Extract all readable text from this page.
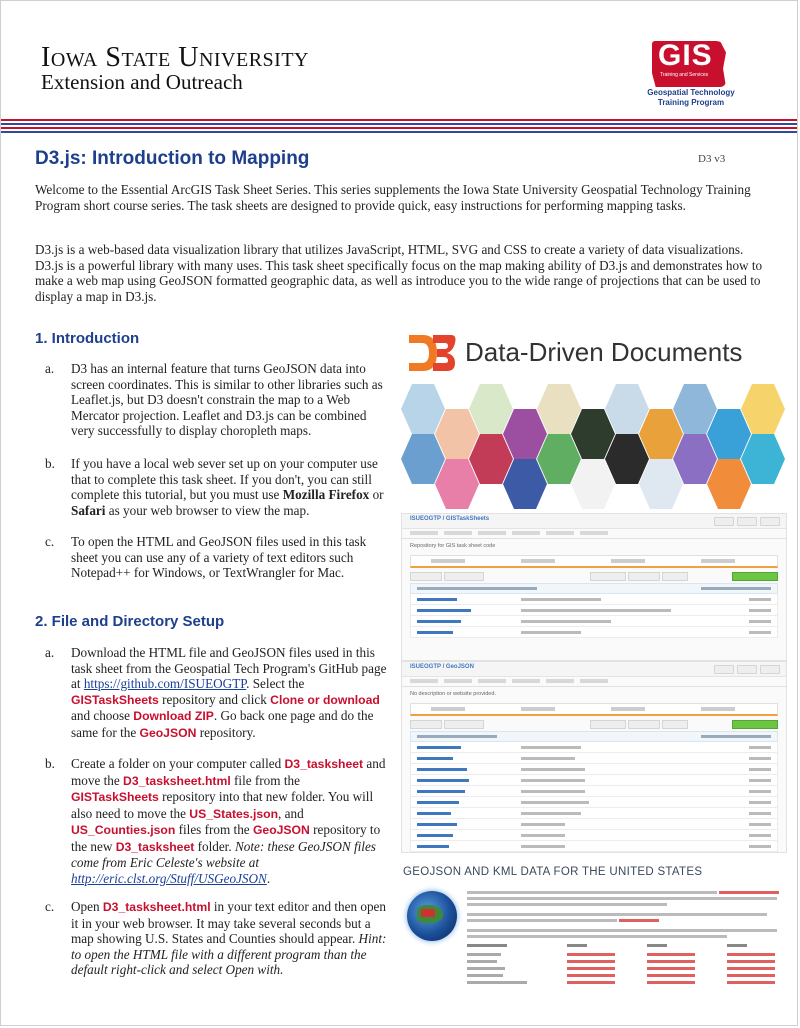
Iowa State University
Extension and Outreach
GIS
Training and Services
Geospatial Technology
Training Program
D3.js: Introduction to Mapping	D3 v3
Welcome to the Essential ArcGIS Task Sheet Series. This series supplements the Iowa State University Geospatial Technology Training Program short course series. The task sheets are designed to provide quick, easy instructions for performing mapping tasks.
D3.js is a web-based data visualization library that utilizes JavaScript, HTML, SVG and CSS to create a variety of data visualizations. D3.js is a powerful library with many uses. This task sheet specifically focus on the map making ability of D3.js and demonstrates how to make a web map using GeoJSON formatted geographic data, as well as introduce you to the wide range of projections that can be used to display a map in D3.js.
1. Introduction
a. D3 has an internal feature that turns GeoJSON data into screen coordinates. This is similar to other libraries such as Leaflet.js, but D3 doesn't constrain the map to a Web Mercator projection. Leaflet and D3.js can be combined very successfully to display choropleth maps.
b. If you have a local web sever set up on your computer use that to complete this task sheet. If you don't, you can still complete this tutorial, but you must use Mozilla Firefox or Safari as your web browser to view the map.
c. To open the HTML and GeoJSON files used in this task sheet you can use any of a variety of text editors such Notepad++ for Windows, or TextWrangler for Mac.
2. File and Directory Setup
a. Download the HTML file and GeoJSON files used in this task sheet from the Geospatial Tech Program's GitHub page at https://github.com/ISUEOGTP. Select the GISTaskSheets repository and click Clone or download and choose Download ZIP. Go back one page and do the same for the GeoJSON repository.
b. Create a folder on your computer called D3_tasksheet and move the D3_tasksheet.html file from the GISTaskSheets repository into that new folder. You will also need to move the US_States.json, and US_Counties.json files from the GeoJSON repository to the new D3_tasksheet folder. Note: these GeoJSON files come from Eric Celeste's website at http://eric.clst.org/Stuff/USGeoJSON.
c. Open D3_tasksheet.html in your text editor and then open it in your web browser. It may take several seconds but a map showing U.S. States and Counties should appear. Hint: to open the HTML file with a different program than the default right-click and select Open with.
Data-Driven Documents
ISUEOGTP / GISTaskSheets
Repository for GIS task sheet code
ISUEOGTP / GeoJSON
No description or website provided.
GEOJSON AND KML DATA FOR THE UNITED STATES
